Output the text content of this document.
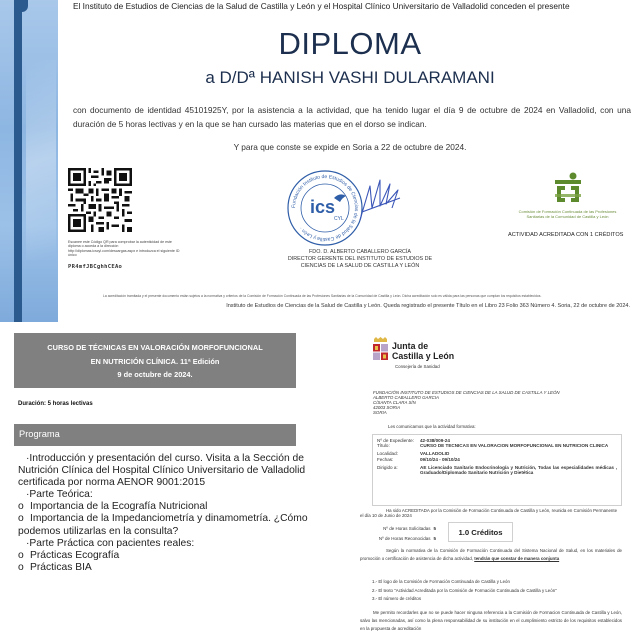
El Instituto de Estudios de Ciencias de la Salud de Castilla y León y el Hospital Clínico Universitario de Valladolid conceden el presente
DIPLOMA
a D/Dª HANISH VASHI DULARAMANI

con documento de identidad 45101925Y, por la asistencia a la actividad, que ha tenido lugar el día 9 de octubre de 2024 en Valladolid, con una duración de 5 horas lectivas y en la que se han cursado las materias que en el dorso se indican.

Y para que conste se expide en Soria a 22 de octubre de 2024.
Escanee este Código QR para comprobar la autenticidad de este diploma o acceda a la dirección http://diplomas.icscyl.com/descargas.aspx e introduzca el siguiente ID único
PR4mfJBCghhCEAo
Fundación Instituto de Estudios de Ciencias de la Salud de Castilla y León ·
ics
CYL
FDO. D. ALBERTO CABALLERO GARCÍA
DIRECTOR GERENTE DEL INSTITUTO DE ESTUDIOS DE
CIENCIAS DE LA SALUD DE CASTILLA Y LEÓN
Comisión de Formación Continuada de las Profesiones
Sanitarias de la Comunidad de Castilla y León
ACTIVIDAD ACREDITADA CON 1 CRÉDITOS
La acreditación tramitada y el presente documento están sujetos a la normativa y criterios de la Comisión de Formación Continuada de las Profesiones Sanitarias de la Comunidad de Castilla y León. Dicha acreditación solo es válida para las personas que cumplan los requisitos establecidos.
Instituto de Estudios de Ciencias de la Salud de Castilla y León. Queda registrado el presente Título en el Libro 23 Folio 363 Número 4. Soria, 22 de octubre de 2024.
CURSO DE TÉCNICAS EN VALORACIÓN MORFOFUNCIONAL
EN NUTRICIÓN CLÍNICA. 11ª Edición
9 de octubre de 2024.
Duración: 5 horas lectivas
Programa
·Introducción y presentación del curso. Visita a la Sección de
Nutrición Clínica del Hospital Clínico Universitario de Valladolid
certificada por norma AENOR 9001:2015
·Parte Teórica:
o Importancia de la Ecografía Nutricional
o Importancia de la Impedanciometría y dinamometría. ¿Cómo
podemos utilizarlas en la consulta?
·Parte Práctica con pacientes reales:
o Prácticas Ecografía
o Prácticas BIA
Junta de
Castilla y León
Consejería de Sanidad
FUNDACIÓN INSTITUTO DE ESTUDIOS DE CIENCIAS DE LA SALUD DE CASTILLA Y LEÓN
ALBERTO CABALLERO GARCIA
C/SANTA CLARA S/N
42003 SORIA
SORIA
Les comunicamos que la actividad formativa:
Nº de Expediente:	42-038/009-24
Título:	CURSO DE TECNICAS EN VALORACION MORFOFUNCIONAL EN NUTRICION CLINICA
Localidad:	VALLADOLID
Fechas:	09/10/24 - 09/10/24
Dirigido a:	AE Licenciado Sanitario Endocrinología y Nutrición, Todas las especialidades médicas , Graduado/Diplomado Sanitario Nutrición y Dietética

Ha sido ACREDITADA por la Comisión de Formación Continuada de Castilla y León, reunida en Comisión Permanente el día 10 de Junio de 2024

Nº de Horas Solicitadas 5
Nº de Horas Reconocidas 5
1.0 Créditos

Según la normativa de la Comisión de Formación Continuada del Sistema Nacional de Salud, en los materiales de promoción o certificación de asistencia de dicha actividad, tendrán que constar de manera conjunta

1.- El logo de la Comisión de Formación Continuada de Castilla y León
2.- El texto "Actividad Acreditada por la Comisión de Formación Continuada de Castilla y León"
3.- El número de créditos

Me permito recordarles que no se puede hacer ninguna referencia a la Comisión de Formacion Continuada de Castilla y León, salvo las mencionadas, así como la plena responsabilidad de su institución en el cumplimiento estricto de los requisitos establecidos en la propuesta de acreditación
